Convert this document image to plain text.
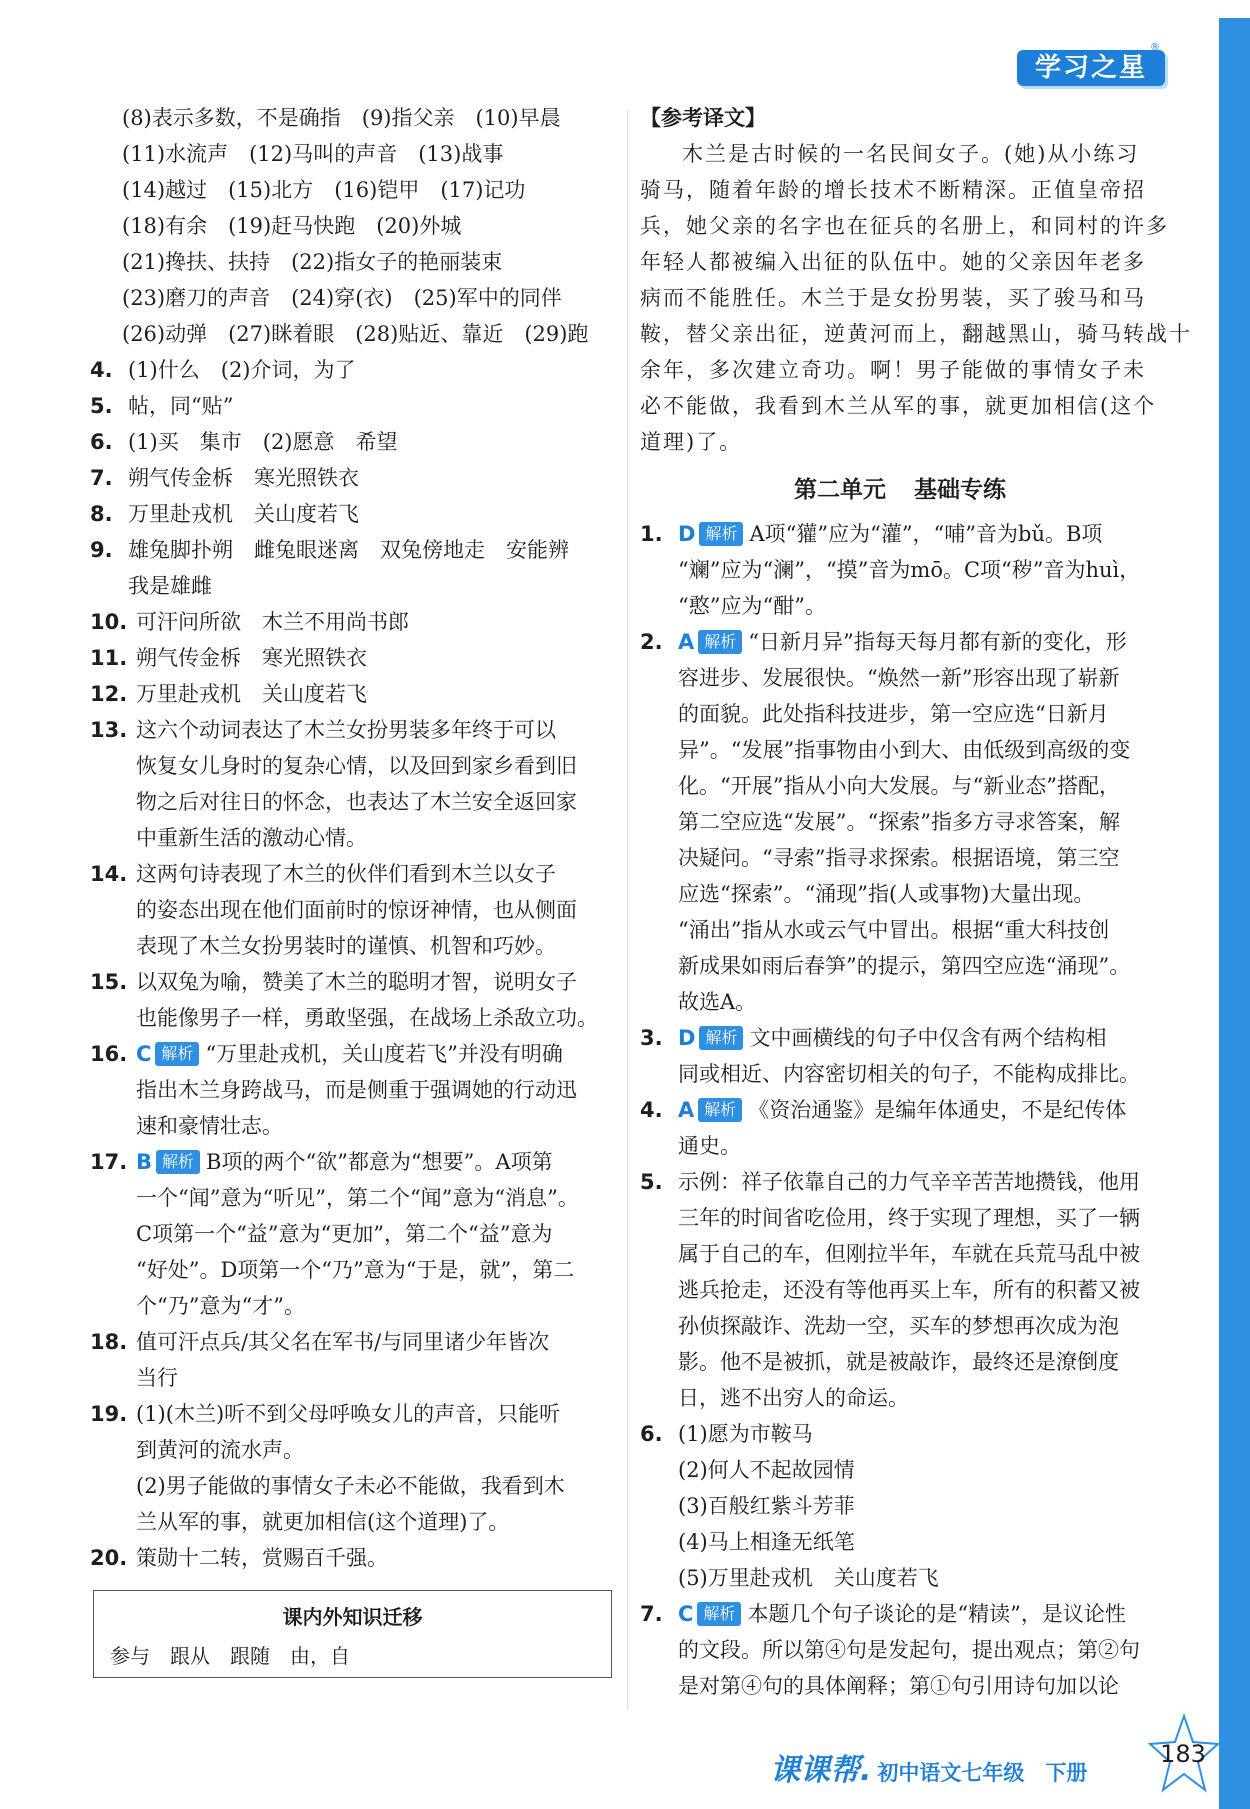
学习之星
®
(8)表示多数，不是确指　(9)指父亲　(10)早晨
(11)水流声　(12)马叫的声音　(13)战事
(14)越过　(15)北方　(16)铠甲　(17)记功
(18)有余　(19)赶马快跑　(20)外城
(21)搀扶、扶持　(22)指女子的艳丽装束
(23)磨刀的声音　(24)穿(衣)　(25)军中的同伴
(26)动弹　(27)眯着眼　(28)贴近、靠近　(29)跑
4. (1)什么　(2)介词，为了
5. 帖，同“贴”
6. (1)买　集市　(2)愿意　希望
7. 朔气传金柝　寒光照铁衣
8. 万里赴戎机　关山度若飞
9. 雄兔脚扑朔　雌兔眼迷离　双兔傍地走　安能辨
我是雄雌
10. 可汗问所欲　木兰不用尚书郎
11. 朔气传金柝　寒光照铁衣
12. 万里赴戎机　关山度若飞
13. 这六个动词表达了木兰女扮男装多年终于可以
恢复女儿身时的复杂心情，以及回到家乡看到旧
物之后对往日的怀念，也表达了木兰安全返回家
中重新生活的激动心情。
14. 这两句诗表现了木兰的伙伴们看到木兰以女子
的姿态出现在他们面前时的惊讶神情，也从侧面
表现了木兰女扮男装时的谨慎、机智和巧妙。
15. 以双兔为喻，赞美了木兰的聪明才智，说明女子
也能像男子一样，勇敢坚强，在战场上杀敌立功。
16. C 解析 “万里赴戎机，关山度若飞”并没有明确
指出木兰身跨战马，而是侧重于强调她的行动迅
速和豪情壮志。
17. B 解析 B项的两个“欲”都意为“想要”。A项第
一个“闻”意为“听见”，第二个“闻”意为“消息”。
C项第一个“益”意为“更加”，第二个“益”意为
“好处”。D项第一个“乃”意为“于是，就”，第二
个“乃”意为“才”。
18. 值可汗点兵/其父名在军书/与同里诸少年皆次
当行
19. (1)(木兰)听不到父母呼唤女儿的声音，只能听
到黄河的流水声。
(2)男子能做的事情女子未必不能做，我看到木
兰从军的事，就更加相信(这个道理)了。
20. 策勋十二转，赏赐百千强。
课内外知识迁移
参与　跟从　跟随　由，自
【参考译文】
木兰是古时候的一名民间女子。(她)从小练习
骑马，随着年龄的增长技术不断精深。正值皇帝招
兵，她父亲的名字也在征兵的名册上，和同村的许多
年轻人都被编入出征的队伍中。她的父亲因年老多
病而不能胜任。木兰于是女扮男装，买了骏马和马
鞍，替父亲出征，逆黄河而上，翻越黑山，骑马转战十
余年，多次建立奇功。啊！男子能做的事情女子未
必不能做，我看到木兰从军的事，就更加相信(这个
道理)了。
第二单元 基础专练
1. D 解析 A项“獾”应为“灌”，“哺”音为bǔ。B项
“斓”应为“澜”，“摸”音为mō。C项“秽”音为huì，
“憨”应为“酣”。
2. A 解析 “日新月异”指每天每月都有新的变化，形
容进步、发展很快。“焕然一新”形容出现了崭新
的面貌。此处指科技进步，第一空应选“日新月
异”。“发展”指事物由小到大、由低级到高级的变
化。“开展”指从小向大发展。与“新业态”搭配，
第二空应选“发展”。“探索”指多方寻求答案，解
决疑问。“寻索”指寻求探索。根据语境，第三空
应选“探索”。“涌现”指(人或事物)大量出现。
“涌出”指从水或云气中冒出。根据“重大科技创
新成果如雨后春笋”的提示，第四空应选“涌现”。
故选A。
3. D 解析 文中画横线的句子中仅含有两个结构相
同或相近、内容密切相关的句子，不能构成排比。
4. A 解析 《资治通鉴》是编年体通史，不是纪传体
通史。
5. 示例：祥子依靠自己的力气辛辛苦苦地攒钱，他用
三年的时间省吃俭用，终于实现了理想，买了一辆
属于自己的车，但刚拉半年，车就在兵荒马乱中被
逃兵抢走，还没有等他再买上车，所有的积蓄又被
孙侦探敲诈、洗劫一空，买车的梦想再次成为泡
影。他不是被抓，就是被敲诈，最终还是潦倒度
日，逃不出穷人的命运。
6. (1)愿为市鞍马
(2)何人不起故园情
(3)百般红紫斗芳菲
(4)马上相逢无纸笔
(5)万里赴戎机　关山度若飞
7. C 解析 本题几个句子谈论的是“精读”，是议论性
的文段。所以第④句是发起句，提出观点；第②句
是对第④句的具体阐释；第①句引用诗句加以论
课课帮. 初中语文七年级　下册
183
